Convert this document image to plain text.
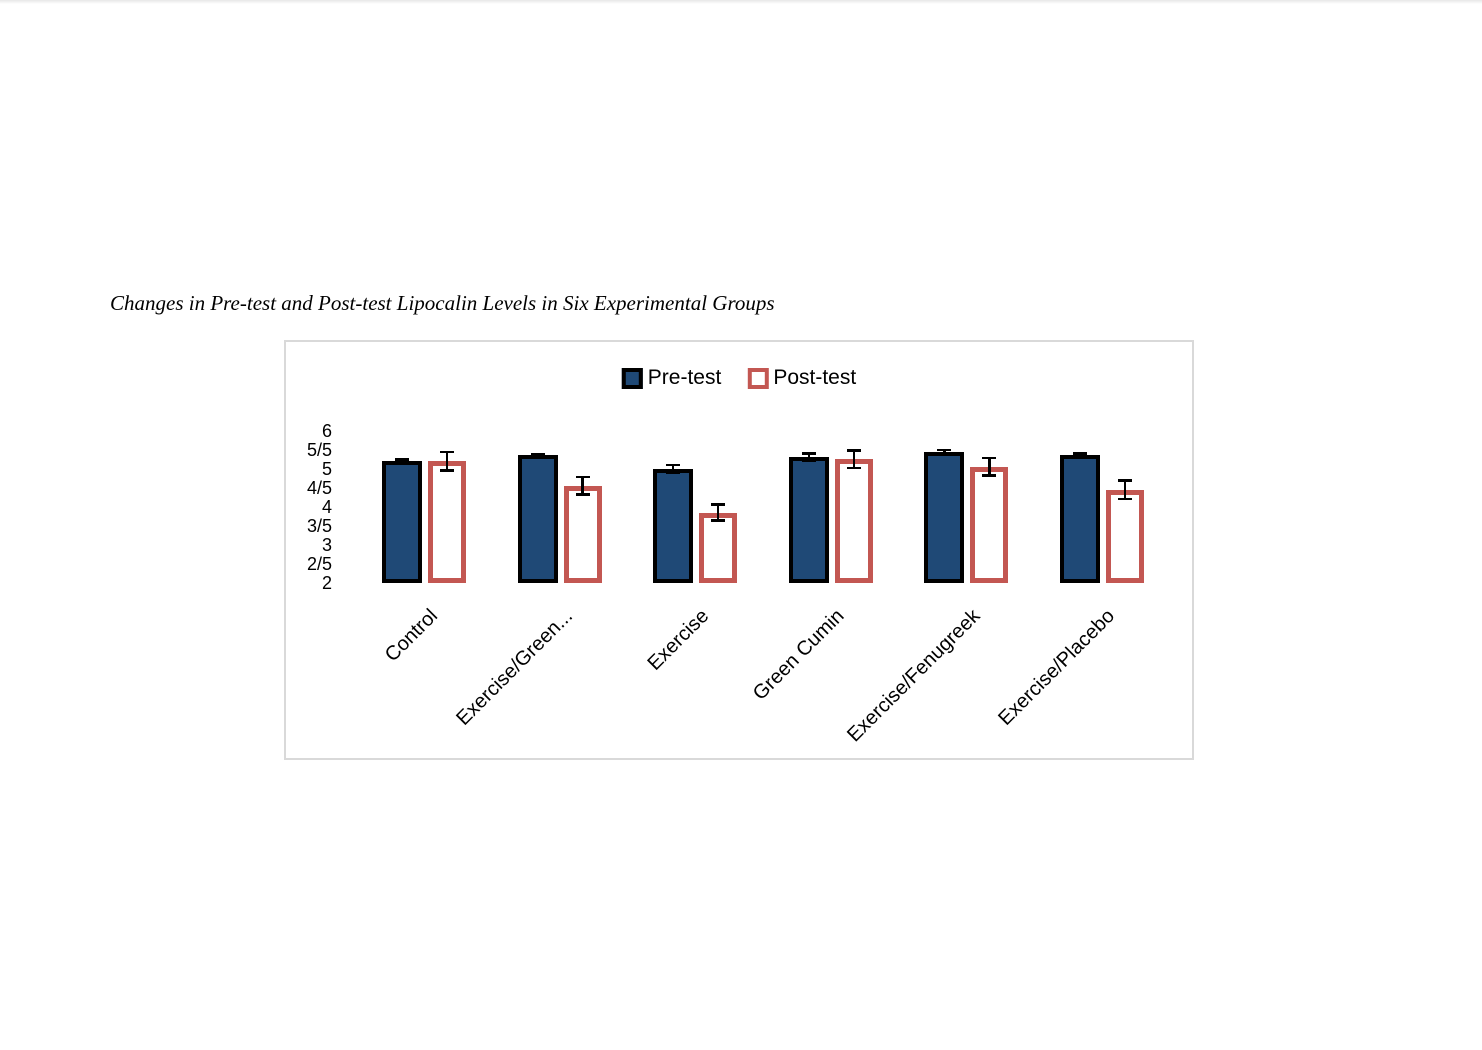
Changes in Pre-test and Post-test Lipocalin Levels in Six Experimental Groups
Pre-test Post-test
6
5/5
5
4/5
4
3/5
3
2/5
2
Control Exercise/Green...	Exercise Green Cumin
Exercise/Fenugreek Exercise/Placebo
